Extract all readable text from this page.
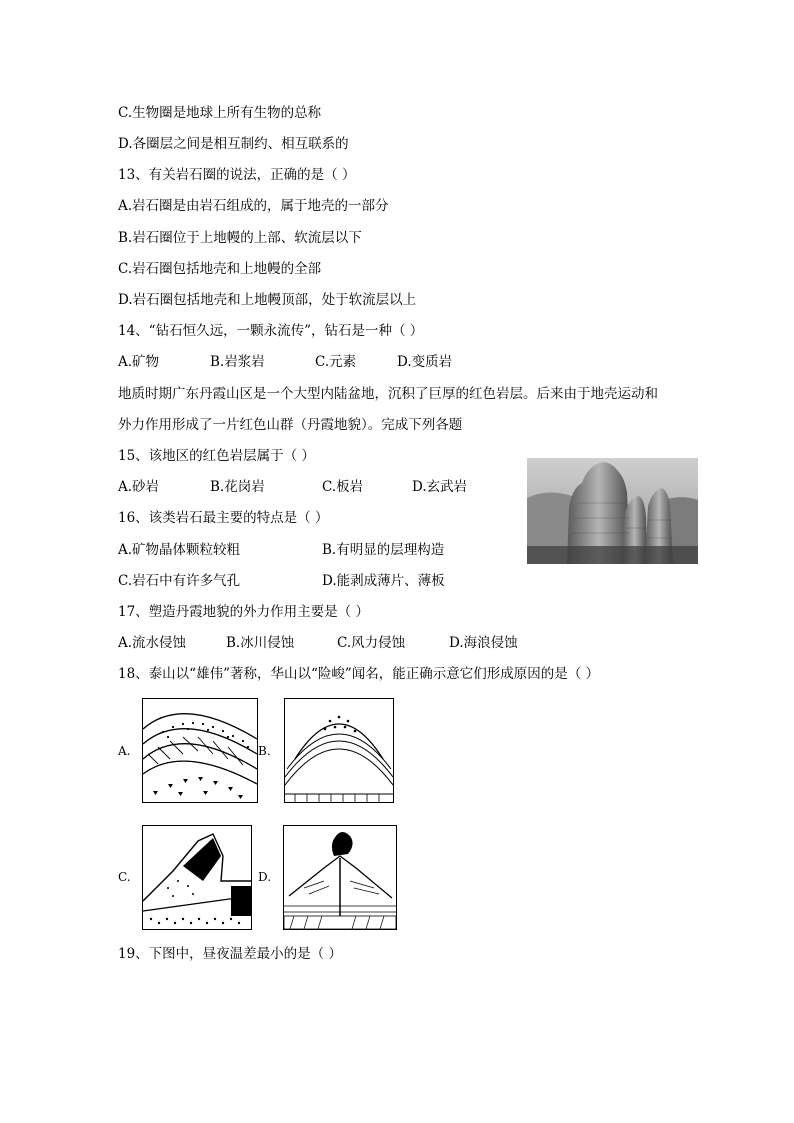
C.生物圈是地球上所有生物的总称
D.各圈层之间是相互制约、相互联系的
13、有关岩石圈的说法，正确的是（ ）
A.岩石圈是由岩石组成的，属于地壳的一部分
B.岩石圈位于上地幔的上部、软流层以下
C.岩石圈包括地壳和上地幔的全部
D.岩石圈包括地壳和上地幔顶部，处于软流层以上
14、“钻石恒久远，一颗永流传”，钻石是一种（ ）
A.矿物	B.岩浆岩	C.元素	D.变质岩
地质时期广东丹霞山区是一个大型内陆盆地，沉积了巨厚的红色岩层。后来由于地壳运动和
外力作用形成了一片红色山群（丹霞地貌）。完成下列各题
15、该地区的红色岩层属于（ ）
A.砂岩	B.花岗岩	C.板岩	D.玄武岩
16、该类岩石最主要的特点是（ ）
A.矿物晶体颗粒较粗	B.有明显的层理构造
C.岩石中有许多气孔	D.能剥成薄片、薄板
17、塑造丹霞地貌的外力作用主要是（ ）
A.流水侵蚀	B.冰川侵蚀	C.风力侵蚀	D.海浪侵蚀
18、泰山以“雄伟”著称，华山以“险峻”闻名，能正确示意它们形成原因的是（ ）
A.	B.
C.	D.
19、下图中，昼夜温差最小的是（ ）
